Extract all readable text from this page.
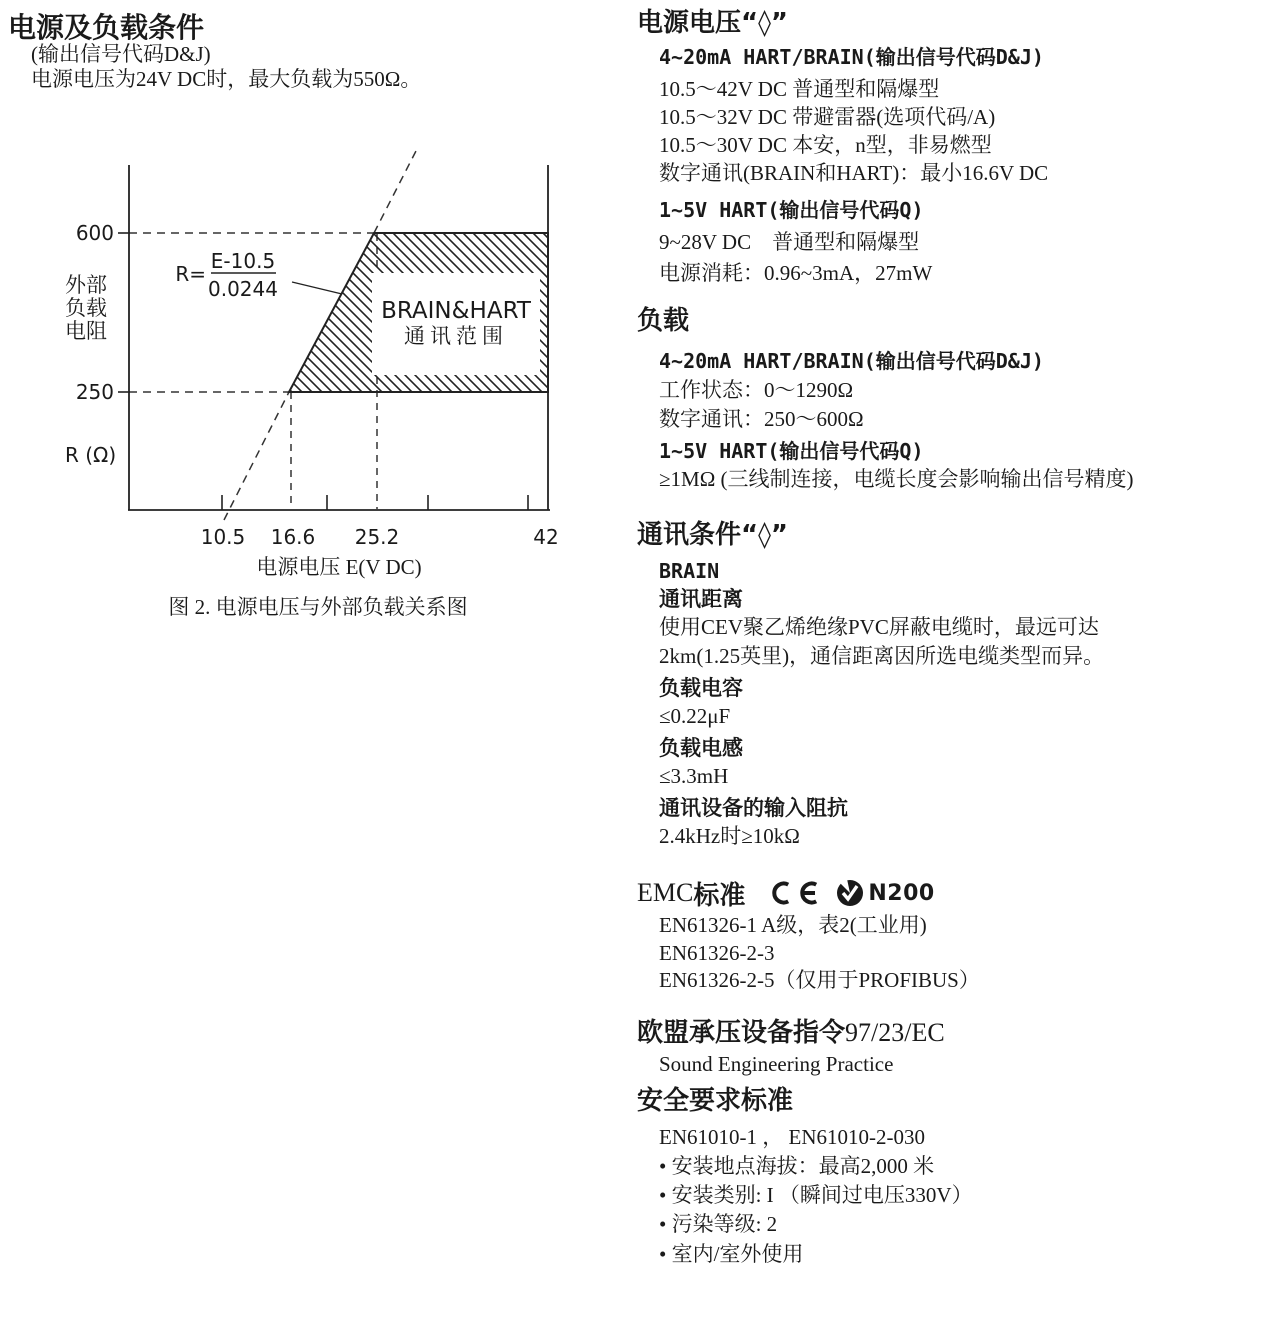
电源及负载条件
(输出信号代码D&J)
电源电压为24V DC时，最大负载为550Ω。
BRAIN&HART
通讯范围
R=
E-10.5
0.0244
600
250
外部
负载
电阻
R (Ω)
10.5 16.6 25.2	42
电源电压 E(V DC)
图 2. 电源电压与外部负载关系图
电源电压“◊”
4~20mA HART/BRAIN(输出信号代码D&J)
10.5～42V DC 普通型和隔爆型
10.5～32V DC 带避雷器(选项代码/A)
10.5～30V DC 本安，n型，非易燃型
数字通讯(BRAIN和HART)：最小16.6V DC
1~5V HART(输出信号代码Q)
9~28V DC　普通型和隔爆型
电源消耗：0.96~3mA，27mW
负载
4~20mA HART/BRAIN(输出信号代码D&J)
工作状态：0～1290Ω
数字通讯：250～600Ω
1~5V HART(输出信号代码Q)
≥1MΩ (三线制连接，电缆长度会影响输出信号精度)
通讯条件“◊”
BRAIN
通讯距离
使用CEV聚乙烯绝缘PVC屏蔽电缆时，最远可达
2km(1.25英里)，通信距离因所选电缆类型而异。
负载电容
≤0.22μF
负载电感
≤3.3mH
通讯设备的输入阻抗
2.4kHz时≥10kΩ
EMC 标准	N200
EN61326-1 A级，表2(工业用)
EN61326-2-3
EN61326-2-5（仅用于PROFIBUS）
欧盟承压设备指令97/23/EC
Sound Engineering Practice
安全要求标准
EN61010-1 ， EN61010-2-030
• 安装地点海拔：最高2,000 米
• 安装类别: I （瞬间过电压330V）
• 污染等级: 2
• 室内/室外使用
